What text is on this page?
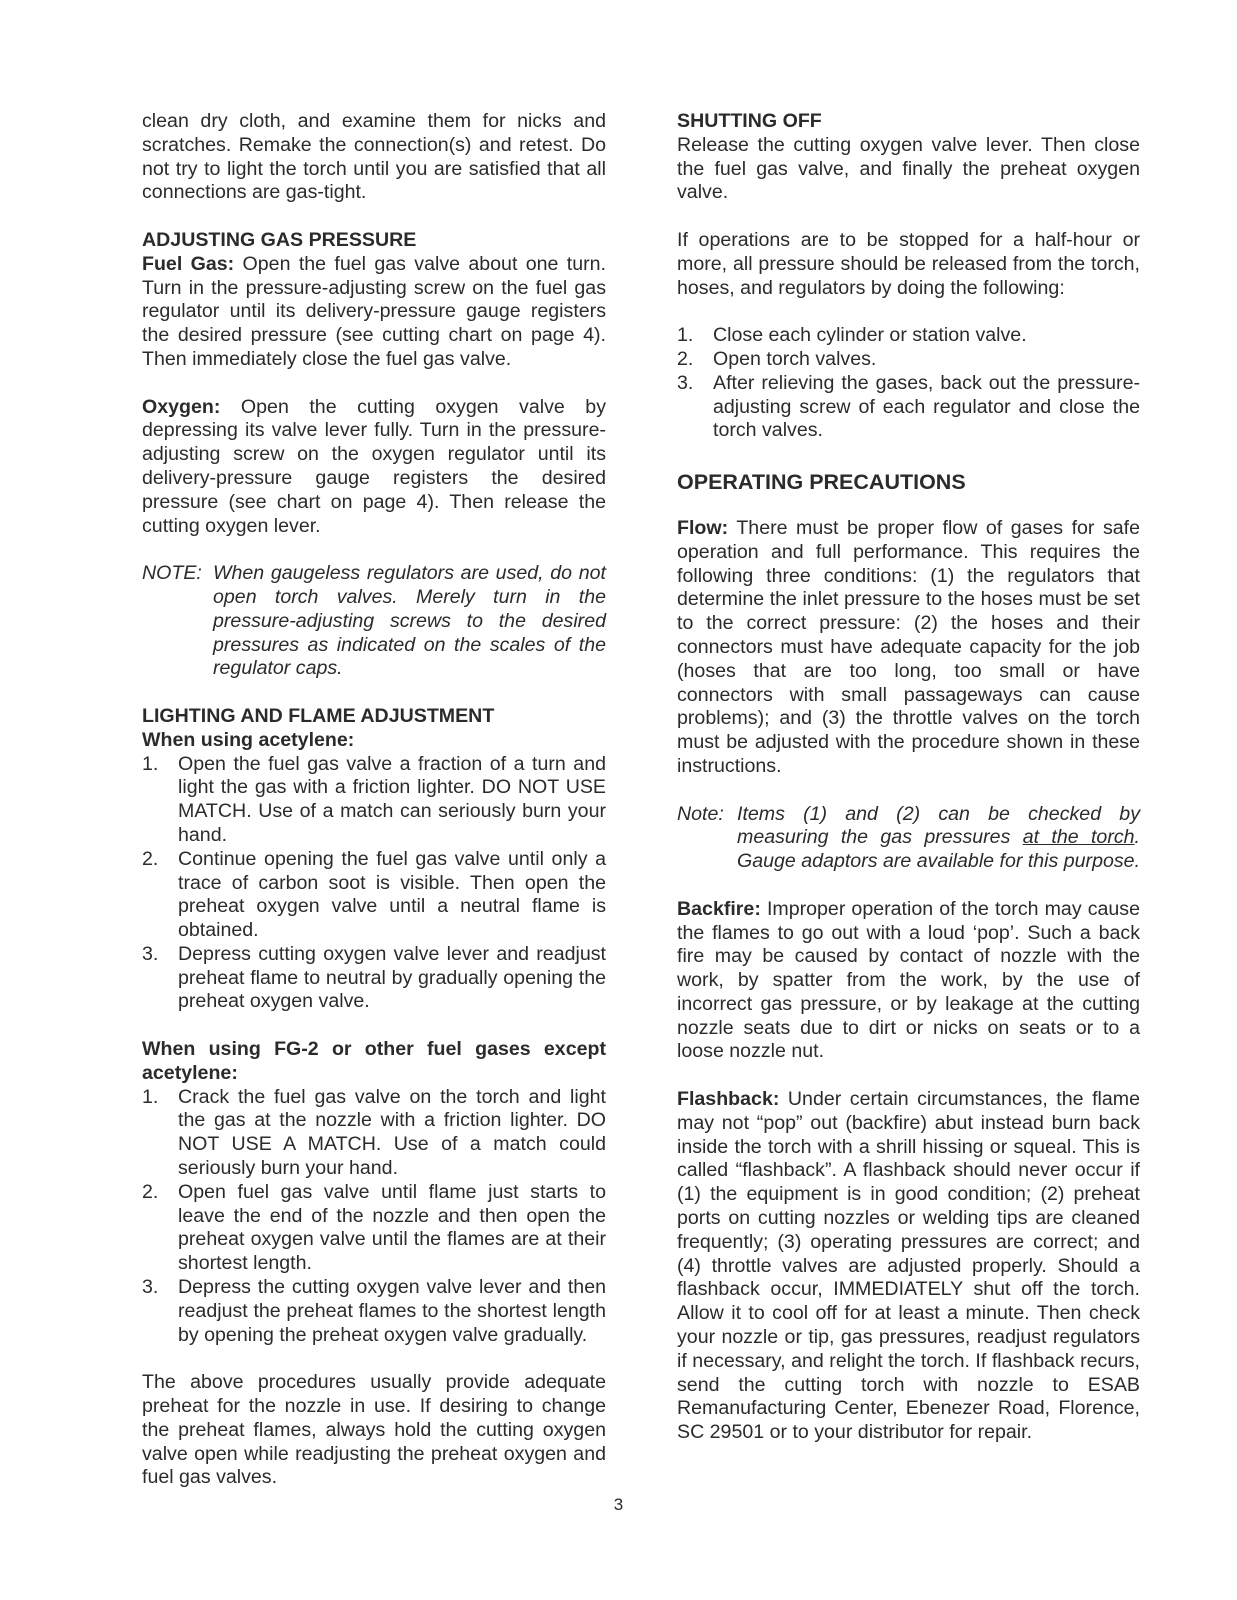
clean dry cloth, and examine them for nicks and scratches. Remake the connection(s) and retest. Do not try to light the torch until you are satisfied that all connections are gas-tight.

ADJUSTING GAS PRESSURE

Fuel Gas: Open the fuel gas valve about one turn. Turn in the pressure-adjusting screw on the fuel gas regulator until its delivery-pressure gauge registers the desired pressure (see cutting chart on page 4). Then immediately close the fuel gas valve.

Oxygen: Open the cutting oxygen valve by depressing its valve lever fully. Turn in the pressure-adjusting screw on the oxygen regulator until its delivery-pressure gauge registers the desired pressure (see chart on page 4). Then release the cutting oxygen lever.

NOTE: When gaugeless regulators are used, do not open torch valves. Merely turn in the pressure-adjusting screws to the desired pressures as indicated on the scales of the regulator caps.

LIGHTING AND FLAME ADJUSTMENT

When using acetylene:

1. Open the fuel gas valve a fraction of a turn and light the gas with a friction lighter. DO NOT USE MATCH. Use of a match can seriously burn your hand.
2. Continue opening the fuel gas valve until only a trace of carbon soot is visible. Then open the preheat oxygen valve until a neutral flame is obtained.
3. Depress cutting oxygen valve lever and readjust preheat flame to neutral by gradually opening the preheat oxygen valve.

When using FG-2 or other fuel gases except acetylene:

1. Crack the fuel gas valve on the torch and light the gas at the nozzle with a friction lighter. DO NOT USE A MATCH. Use of a match could seriously burn your hand.
2. Open fuel gas valve until flame just starts to leave the end of the nozzle and then open the preheat oxygen valve until the flames are at their shortest length.
3. Depress the cutting oxygen valve lever and then readjust the preheat flames to the shortest length by opening the preheat oxygen valve gradually.

The above procedures usually provide adequate preheat for the nozzle in use. If desiring to change the preheat flames, always hold the cutting oxygen valve open while readjusting the preheat oxygen and fuel gas valves.

SHUTTING OFF

Release the cutting oxygen valve lever. Then close the fuel gas valve, and finally the preheat oxygen valve.

If operations are to be stopped for a half-hour or more, all pressure should be released from the torch, hoses, and regulators by doing the following:

1. Close each cylinder or station valve.
2. Open torch valves.
3. After relieving the gases, back out the pressure-adjusting screw of each regulator and close the torch valves.

OPERATING PRECAUTIONS

Flow: There must be proper flow of gases for safe operation and full performance. This requires the following three conditions: (1) the regulators that determine the inlet pressure to the hoses must be set to the correct pressure: (2) the hoses and their connectors must have adequate capacity for the job (hoses that are too long, too small or have connectors with small passageways can cause problems); and (3) the throttle valves on the torch must be adjusted with the procedure shown in these instructions.

Note: Items (1) and (2) can be checked by measuring the gas pressures at the torch. Gauge adaptors are available for this purpose.

Backfire: Improper operation of the torch may cause the flames to go out with a loud ‘pop’. Such a back fire may be caused by contact of nozzle with the work, by spatter from the work, by the use of incorrect gas pressure, or by leakage at the cutting nozzle seats due to dirt or nicks on seats or to a loose nozzle nut.

Flashback: Under certain circumstances, the flame may not “pop” out (backfire) abut instead burn back inside the torch with a shrill hissing or squeal. This is called “flashback”. A flashback should never occur if (1) the equipment is in good condition; (2) preheat ports on cutting nozzles or welding tips are cleaned frequently; (3) operating pressures are correct; and (4) throttle valves are adjusted properly. Should a flashback occur, IMMEDIATELY shut off the torch. Allow it to cool off for at least a minute. Then check your nozzle or tip, gas pressures, readjust regulators if necessary, and relight the torch. If flashback recurs, send the cutting torch with nozzle to ESAB Remanufacturing Center, Ebenezer Road, Florence, SC 29501 or to your distributor for repair.

3
